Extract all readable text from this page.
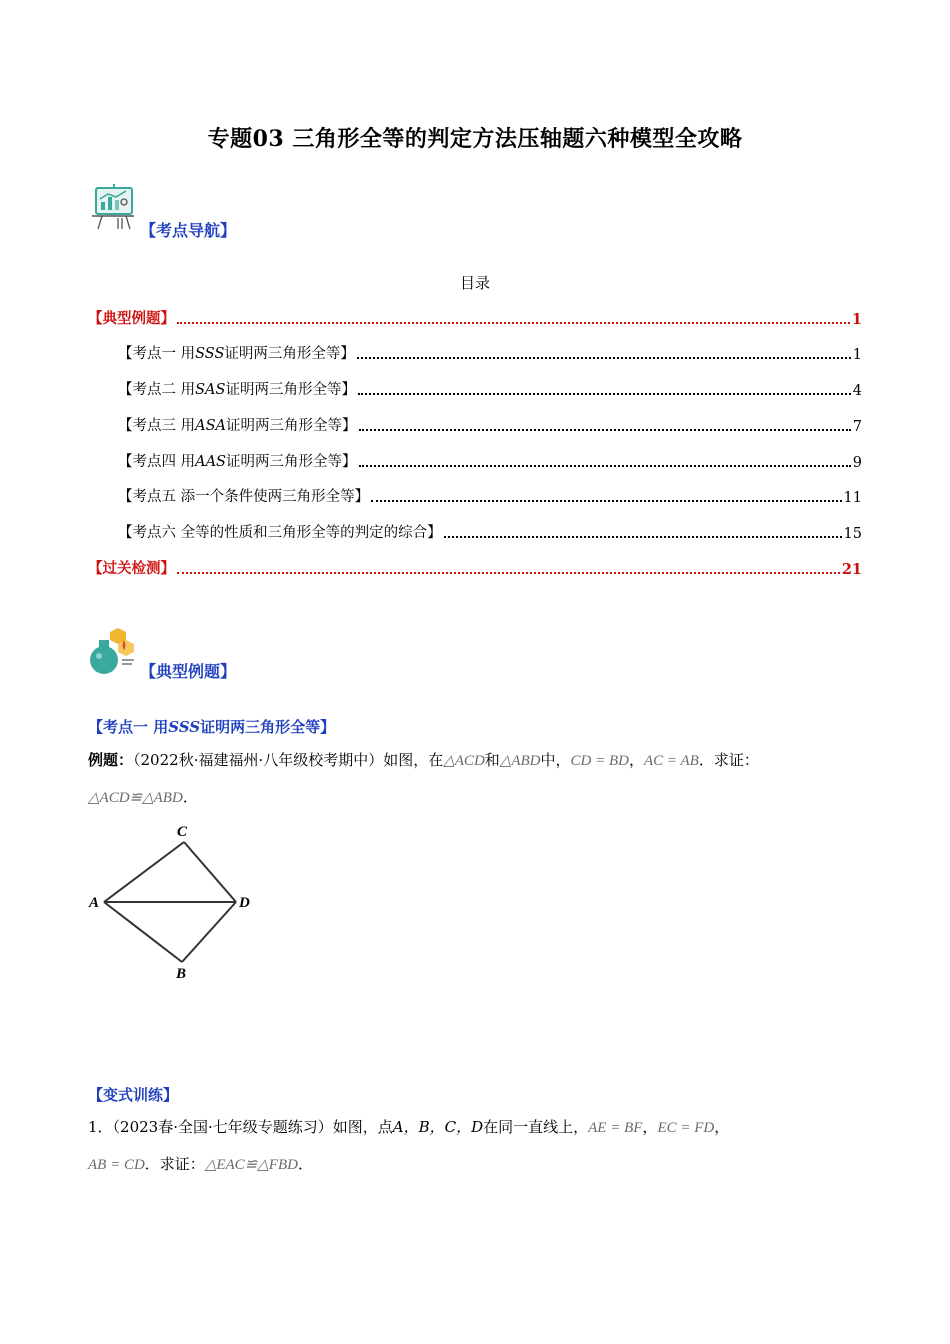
专题03 三角形全等的判定方法压轴题六种模型全攻略
【考点导航】
目录
【典型例题】	1
【考点一 用SSS证明两三角形全等】	1
【考点二 用SAS证明两三角形全等】	4
【考点三 用ASA证明两三角形全等】	7
【考点四 用AAS证明两三角形全等】	9
【考点五 添一个条件使两三角形全等】	11
【考点六 全等的性质和三角形全等的判定的综合】	15
【过关检测】	21
【典型例题】
【考点一 用SSS证明两三角形全等】
例题：（2022秋·福建福州·八年级校考期中）如图，在△ACD和△ABD中，CD = BD，AC = AB．求证：
△ACD≌△ABD．
C
A	D
B
【变式训练】
1．（2023春·全国·七年级专题练习）如图，点A，B，C，D在同一直线上，AE = BF，EC = FD，
AB = CD．求证：△EAC≌△FBD．
